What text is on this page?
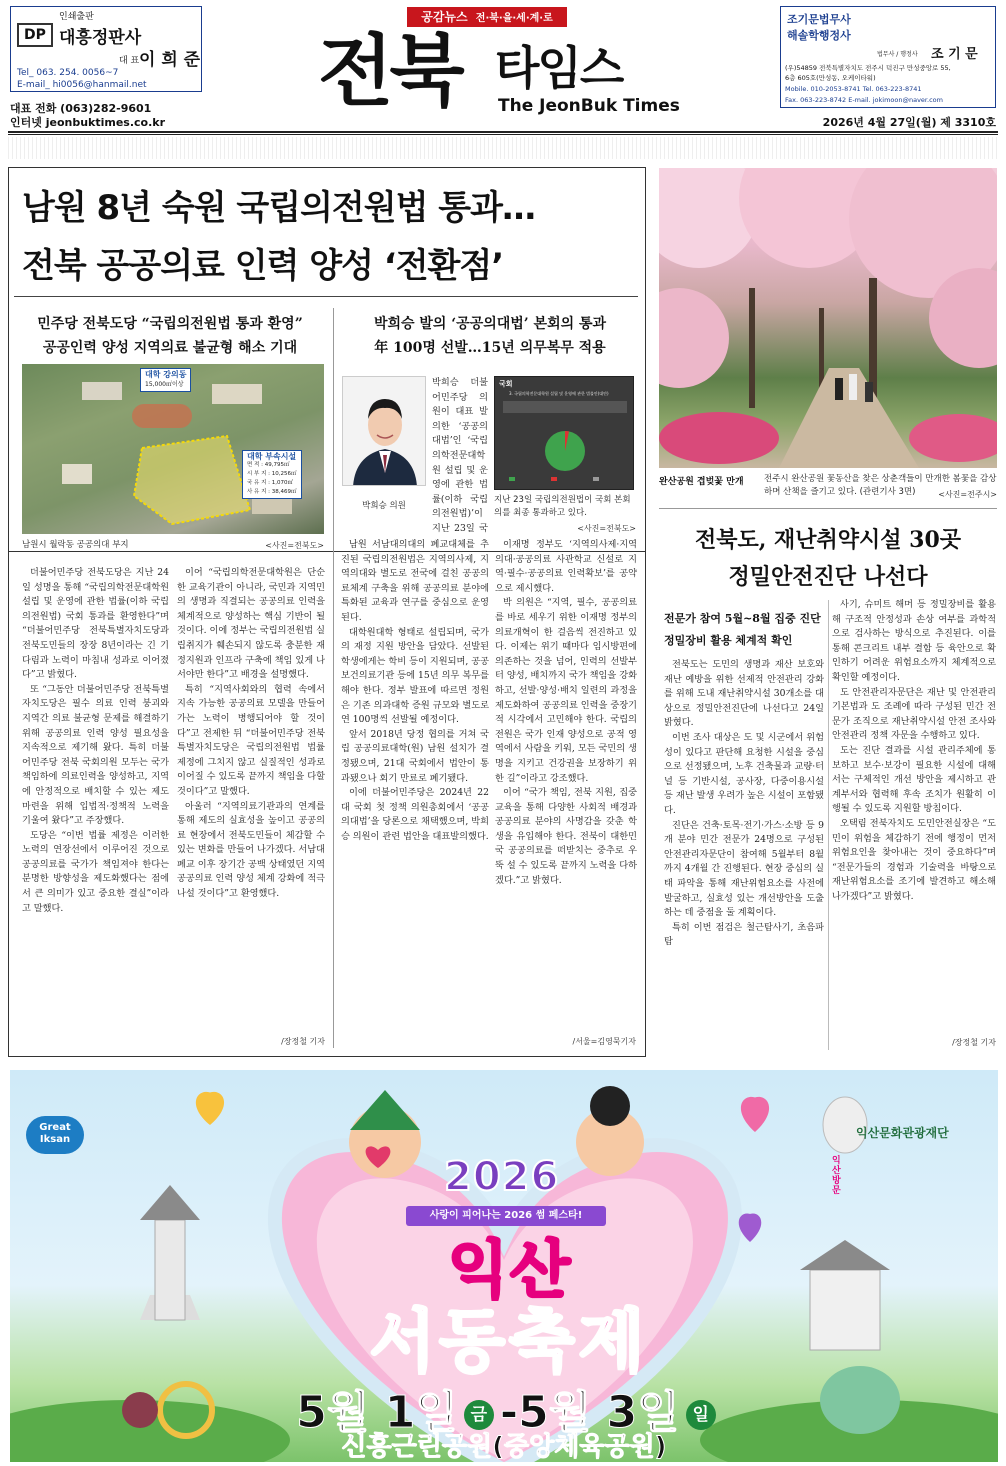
DP
인쇄출판
대흥정판사
대 표 이 희 준
Tel_ 063. 254. 0056~7
E-mail_ hi0056@hanmail.net
대표 전화 (063)282-9601
인터넷 jeonbuktimes.co.kr
공감뉴스 전·북·을·세·계·로
전북 타임스
The JeonBuk Times
조기문법무사
해솔학행정사
법무사 / 행정사 조 기 문
(우)54859 전북특별자치도 전주시 덕진구 만성중앙로 55,
6층 605호(만성동, 오케이타워)
Mobile. 010-2053-8741 Tel. 063-223-8741
Fax. 063-223-8742 E-mail. jokimoon@naver.com
2026년 4월 27일(월) 제 3310호
남원 8년 숙원 국립의전원법 통과…
전북 공공의료 인력 양성 ‘전환점’
민주당 전북도당 “국립의전원법 통과 환영”
공공인력 양성 지역의료 불균형 해소 기대
대학 강의동
15,000㎡이상
대학 부속시설
면 적 : 49,795㎡
시 부 지 : 10,256㎡
국 유 지 : 1,070㎡
사 유 지 : 38,469㎡
남원시 월락동 공공의대 부지	<사진=전북도>

더불어민주당 전북도당은 지난 24일 성명을 통해 “국립의학전문대학원 설립 및 운영에 관한 법률(이하 국립의전원법) 국회 통과를 환영한다”며 “더불어민주당 전북특별자치도당과 전북도민들의 장장 8년이라는 긴 기다림과 노력이 마침내 성과로 이어졌다”고 밝혔다.

또 “그동안 더불어민주당 전북특별자치도당은 필수 의료 인력 붕괴와 지역간 의료 불균형 문제를 해결하기 위해 공공의료 인력 양성 필요성을 지속적으로 제기해 왔다. 특히 더불어민주당 전북 국회의원 모두는 국가 책임하에 의료인력을 양성하고, 지역에 안정적으로 배치할 수 있는 제도 마련을 위해 입법적·정책적 노력을 기울여 왔다”고 주장했다.

도당은 “이번 법률 제정은 이러한 노력의 연장선에서 이루어진 것으로 공공의료를 국가가 책임져야 한다는 분명한 방향성을 제도화했다는 점에서 큰 의미가 있고 중요한 결실”이라고 말했다.

이어 “국립의학전문대학원은 단순한 교육기관이 아니라, 국민과 지역민의 생명과 직결되는 공공의료 인력을 체계적으로 양성하는 핵심 기반이 될 것이다. 이에 정부는 국립의전원법 실립취지가 훼손되지 않도록 충분한 재정지원과 인프라 구축에 책임 있게 나서야만 한다”고 배경을 설명했다.

특히 “지역사회와의 협력 속에서 지속 가능한 공공의료 모델을 만들어 가는 노력이 병행되어야 할 것이다”고 전제한 뒤 “더불어민주당 전북특별자치도당은 국립의전원법 법률 제정에 그치지 않고 실질적인 성과로 이어질 수 있도록 끝까지 책임을 다할 것이다”고 말했다.

아울러 “지역의료기관과의 연계를 통해 제도의 실효성을 높이고 공공의료 현장에서 전북도민들이 체감할 수 있는 변화를 만들어 나가겠다. 서남대 폐교 이후 장기간 공백 상태였던 지역 공공의료 인력 양성 체계 강화에 적극 나설 것이다”고 환영했다.

/장정철 기자
박희승 발의 ‘공공의대법’ 본회의 통과
年 100명 선발…15년 의무복무 적용
박희승 의원
박희승 더불어민주당 의원이 대표 발의한 ‘공공의대법’인 ‘국립의학전문대학원 설립 및 운영에 관한 법률(이하 국립의전원법)’이 지난 23일 국
국회
3. 국립의학전문대학원 설립 및 운영에 관한 법률안(대안)
지난 23일 국립의전원법이 국회 본회의를 최종 통과하고 있다.
<사진=전북도>

남원 서남대의대의 폐교대체를 추진된 국립의전원법은 지역의사제, 지역의대와 별도로 전국에 걸친 공공의료체계 구축을 위해 공공의료 분야에 특화된 교육과 연구를 중심으로 운영된다.

대학원대학 형태로 설립되며, 국가의 재정 지원 방안을 담았다. 선발된 학생에게는 학비 등이 지원되며, 공공보건의료기관 등에 15년 의무 복무를 해야 한다. 정부 발표에 따르면 정원은 기존 의과대학 증원 규모와 별도로 연 100명씩 선발될 예정이다.

앞서 2018년 당정 협의를 거쳐 국립 공공의료대학(원) 남원 설치가 결정됐으며, 21대 국회에서 법안이 통과됐으나 회기 만료로 폐기됐다.

이에 더불어민주당은 2024년 22대 국회 첫 정책 의원총회에서 ‘공공의대법’을 당론으로 채택했으며, 박희승 의원이 관련 법안을 대표발의했다.

이재명 정부도 ‘지역의사제·지역의대·공공의료 사관학교 신설로 지역·필수·공공의료 인력확보’를 공약으로 제시했다.

박 의원은 “지역, 필수, 공공의료를 바로 세우기 위한 이재명 정부의 의료개혁이 한 걸음씩 전진하고 있다. 이제는 위기 때마다 임시방편에 의존하는 것을 넘어, 인력의 선발부터 양성, 배치까지 국가 책임을 강화하고, 선발·양성·배치 일련의 과정을 제도화하여 공공의료 인력을 중장기적 시각에서 고민해야 한다. 국립의전원은 국가 인재 양성으로 공적 영역에서 사람을 키워, 모든 국민의 생명을 지키고 건강권을 보장하기 위한 길”이라고 강조했다.

이어 “국가 책임, 전북 지원, 집중 교육을 통해 다양한 사회적 배경과 공공의료 분야의 사명감을 갖춘 학생을 유입해야 한다. 전북이 대한민국 공공의료를 떠받치는 중추로 우뚝 설 수 있도록 끝까지 노력을 다하겠다.”고 밝혔다.

/서울=김영묵기자
완산공원 겹벚꽃 만개 전주시 완산공원 꽃동산을 찾은 상춘객들이 만개한 봄꽃을 감상하며 산책을 즐기고 있다. (관련기사 3면)	<사진=전주시>
전북도, 재난취약시설 30곳
정밀안전진단 나선다
전문가 참여 5월~8월 집중 진단
정밀장비 활용 체계적 확인

전북도는 도민의 생명과 재산 보호와 재난 예방을 위한 선제적 안전관리 강화를 위해 도내 재난취약시설 30개소를 대상으로 정밀안전진단에 나선다고 24일 밝혔다.

이번 조사 대상은 도 및 시군에서 위험성이 있다고 판단해 요청한 시설을 중심으로 선정됐으며, 노후 건축물과 교량·터널 등 기반시설, 공사장, 다중이용시설 등 재난 발생 우려가 높은 시설이 포함됐다.

진단은 건축·토목·전기·가스·소방 등 9개 분야 민간 전문가 24명으로 구성된 안전관리자문단이 참여해 5월부터 8월까지 4개월 간 진행된다. 현장 중심의 실태 파악을 통해 재난위험요소를 사전에 발굴하고, 실효성 있는 개선방안을 도출하는 데 중점을 둘 계획이다.

특히 이번 점검은 철근탐사기, 초음파탐

사기, 슈미트 해머 등 정밀장비를 활용해 구조적 안정성과 손상 여부를 과학적으로 검사하는 방식으로 추진된다. 이를 통해 콘크리트 내부 결함 등 육안으로 확인하기 어려운 위험요소까지 체계적으로 확인할 예정이다.

도 안전관리자문단은 재난 및 안전관리 기본법과 도 조례에 따라 구성된 민간 전문가 조직으로 재난취약시설 안전 조사와 안전관리 정책 자문을 수행하고 있다.

도는 진단 결과를 시설 관리주체에 통보하고 보수·보강이 필요한 시설에 대해서는 구체적인 개선 방안을 제시하고 관계부서와 협력해 후속 조치가 원활히 이행될 수 있도록 지원할 방침이다.

오택림 전북자치도 도민안전실장은 “도민이 위험을 체감하기 전에 행정이 먼저 위험요인을 찾아내는 것이 중요하다”며 “전문가들의 경험과 기술력을 바탕으로 재난위험요소를 조기에 발견하고 해소해 나가겠다”고 밝혔다.

/장정철 기자
Great
Iksan	익산문화관광재단
2026
사랑이 피어나는 2026 썸 페스타!
익산
서동축제
5월 1일 금 -5월 3일 일
신흥근린공원(중앙체육공원)
익산방문
